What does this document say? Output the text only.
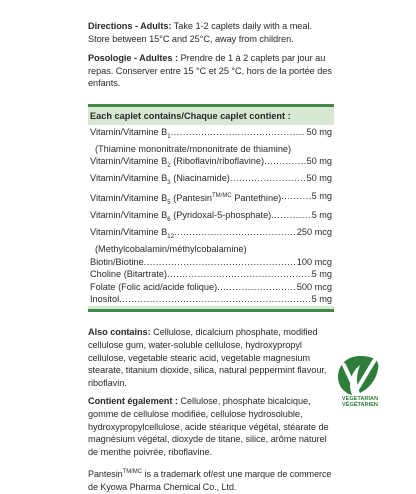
Directions - Adults: Take 1-2 caplets daily with a meal. Store between 15°C and 25°C, away from children.

Posologie - Adultes : Prendre de 1 à 2 caplets par jour au repas. Conserver entre 15 °C et 25 °C, hors de la portée des enfants.

Each caplet contains/Chaque caplet contient :
Vitamin/Vitamine $B_1$ .....	50 mg
(Thiamine mononitrate/mononitrate de thiamine)
Vitamin/Vitamine $B_2$ (Riboflavin/riboflavine) .....	50 mg
Vitamin/Vitamine $B_3$ (Niacinamide) .....	50 mg
Vitamin/Vitamine $B_5$ (Pantesin$^{TM/MC}$ Pantethine) .....	5 mg
Vitamin/Vitamine $B_6$ (Pyridoxal-5-phosphate) .....	5 mg
Vitamin/Vitamine $B_{12}$ .....	250 mcg
(Methylcobalamin/méthylcobalamine)
Biotin/Biotine .....	100 mcg
Choline (Bitartrate) .....	5 mg
Folate (Folic acid/acide folique) .....	500 mcg
Inositol .....	5 mg

Also contains: Cellulose, dicalcium phosphate, modified cellulose gum, water-soluble cellulose, hydroxypropyl cellulose, vegetable stearic acid, vegetable magnesium stearate, titanium dioxide, silica, natural peppermint flavour, riboflavin.

Contient également : Cellulose, phosphate bicalcique, gomme de cellulose modifiée, cellulose hydrosoluble, hydroxypropylcellulose, acide stéarique végétal, stéarate de magnésium végétal, dioxyde de titane, silice, arôme naturel de menthe poivrée, riboflavine.

Pantesin$^{TM/MC}$ is a trademark of/est une marque de commerce de Kyowa Pharma Chemical Co., Ltd.

VEGETARIAN
VÉGÉTARIEN
